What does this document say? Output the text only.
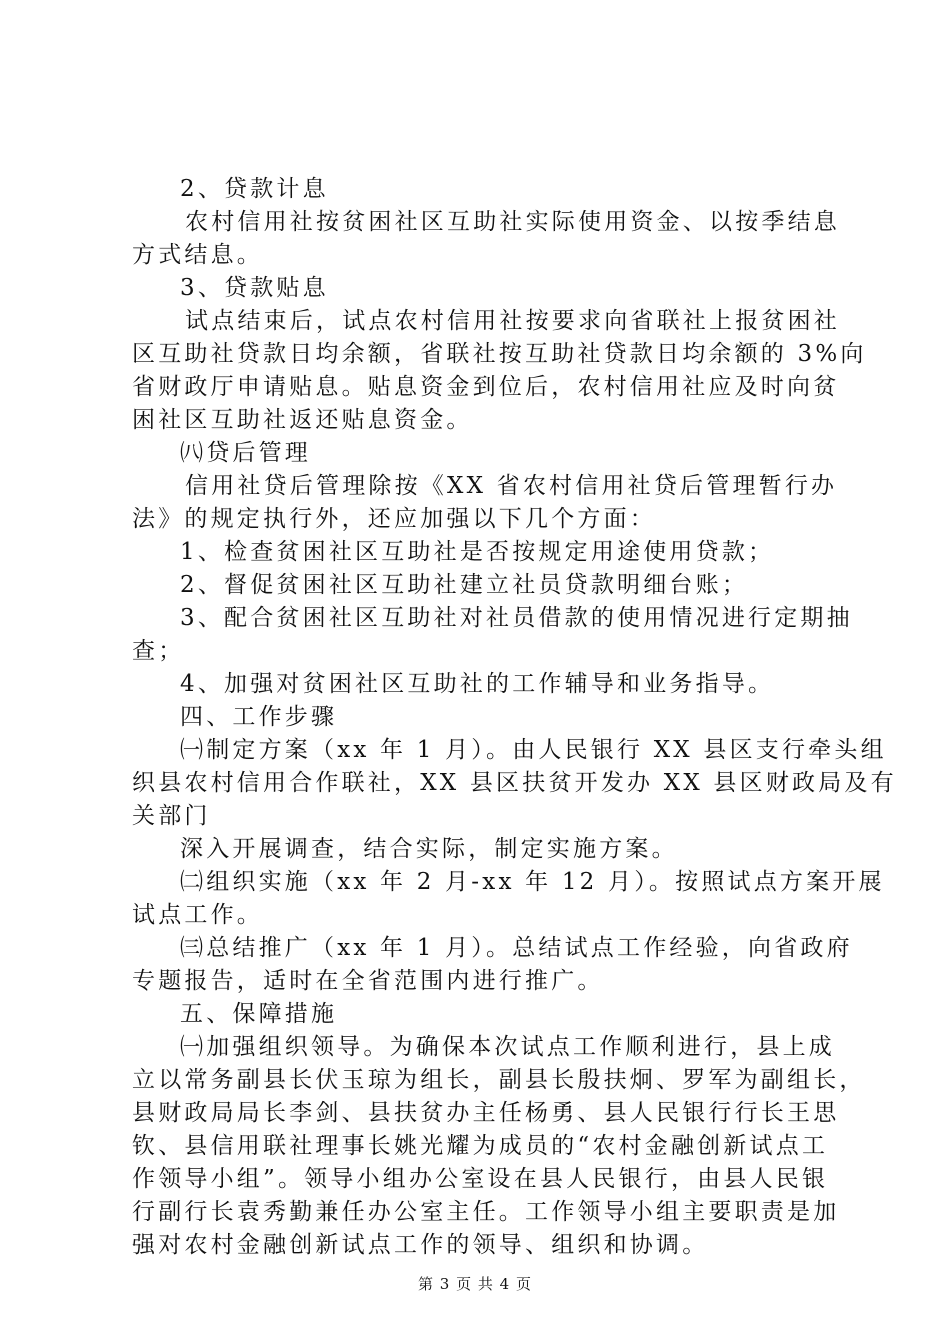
2、贷款计息
农村信用社按贫困社区互助社实际使用资金、以按季结息
方式结息。
3、贷款贴息
试点结束后，试点农村信用社按要求向省联社上报贫困社
区互助社贷款日均余额，省联社按互助社贷款日均余额的 3%向
省财政厅申请贴息。贴息资金到位后，农村信用社应及时向贫
困社区互助社返还贴息资金。
㈧贷后管理
信用社贷后管理除按《XX 省农村信用社贷后管理暂行办
法》的规定执行外，还应加强以下几个方面：
1、检查贫困社区互助社是否按规定用途使用贷款；
2、督促贫困社区互助社建立社员贷款明细台账；
3、配合贫困社区互助社对社员借款的使用情况进行定期抽
查；
4、加强对贫困社区互助社的工作辅导和业务指导。
四、工作步骤
㈠制定方案（xx 年 1 月）。由人民银行 XX 县区支行牵头组
织县农村信用合作联社，XX 县区扶贫开发办 XX 县区财政局及有
关部门
深入开展调查，结合实际，制定实施方案。
㈡组织实施（xx 年 2 月-xx 年 12 月）。按照试点方案开展
试点工作。
㈢总结推广（xx 年 1 月）。总结试点工作经验，向省政府
专题报告，适时在全省范围内进行推广。
五、保障措施
㈠加强组织领导。为确保本次试点工作顺利进行，县上成
立以常务副县长伏玉琼为组长，副县长殷扶炯、罗军为副组长，
县财政局局长李剑、县扶贫办主任杨勇、县人民银行行长王思
钦、县信用联社理事长姚光耀为成员的“农村金融创新试点工
作领导小组”。领导小组办公室设在县人民银行，由县人民银
行副行长袁秀勤兼任办公室主任。工作领导小组主要职责是加
强对农村金融创新试点工作的领导、组织和协调。
第 3 页 共 4 页
